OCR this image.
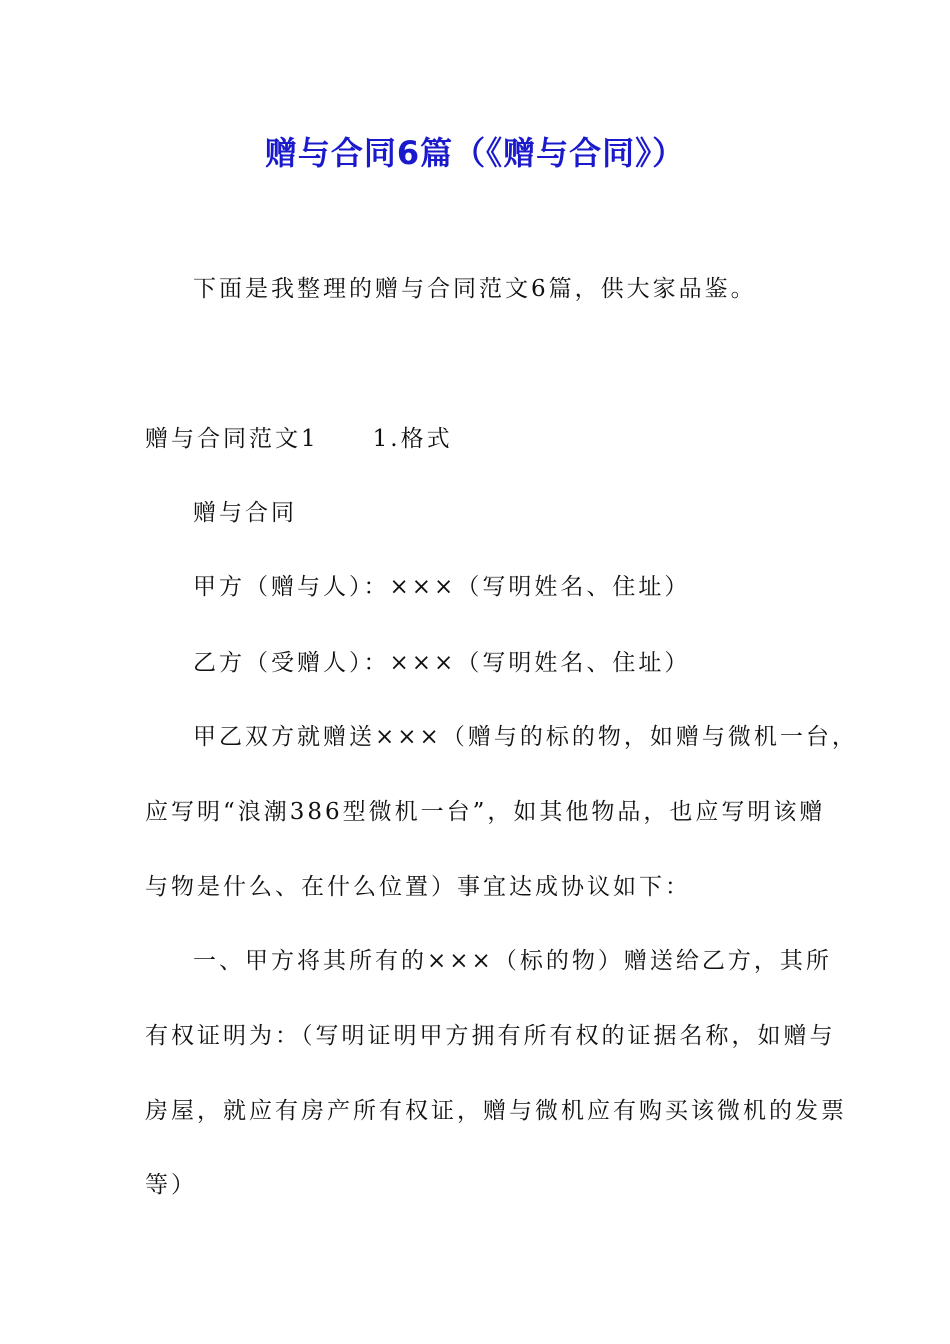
赠与合同6篇（《赠与合同》）

下面是我整理的赠与合同范文6篇，供大家品鉴。

赠与合同范文1 1.格式

赠与合同

甲方（赠与人）：×××（写明姓名、住址）

乙方（受赠人）：×××（写明姓名、住址）

甲乙双方就赠送×××（赠与的标的物，如赠与微机一台，

应写明“浪潮386型微机一台”，如其他物品，也应写明该赠

与物是什么、在什么位置）事宜达成协议如下：

一、甲方将其所有的×××（标的物）赠送给乙方，其所

有权证明为：（写明证明甲方拥有所有权的证据名称，如赠与

房屋，就应有房产所有权证，赠与微机应有购买该微机的发票

等）
